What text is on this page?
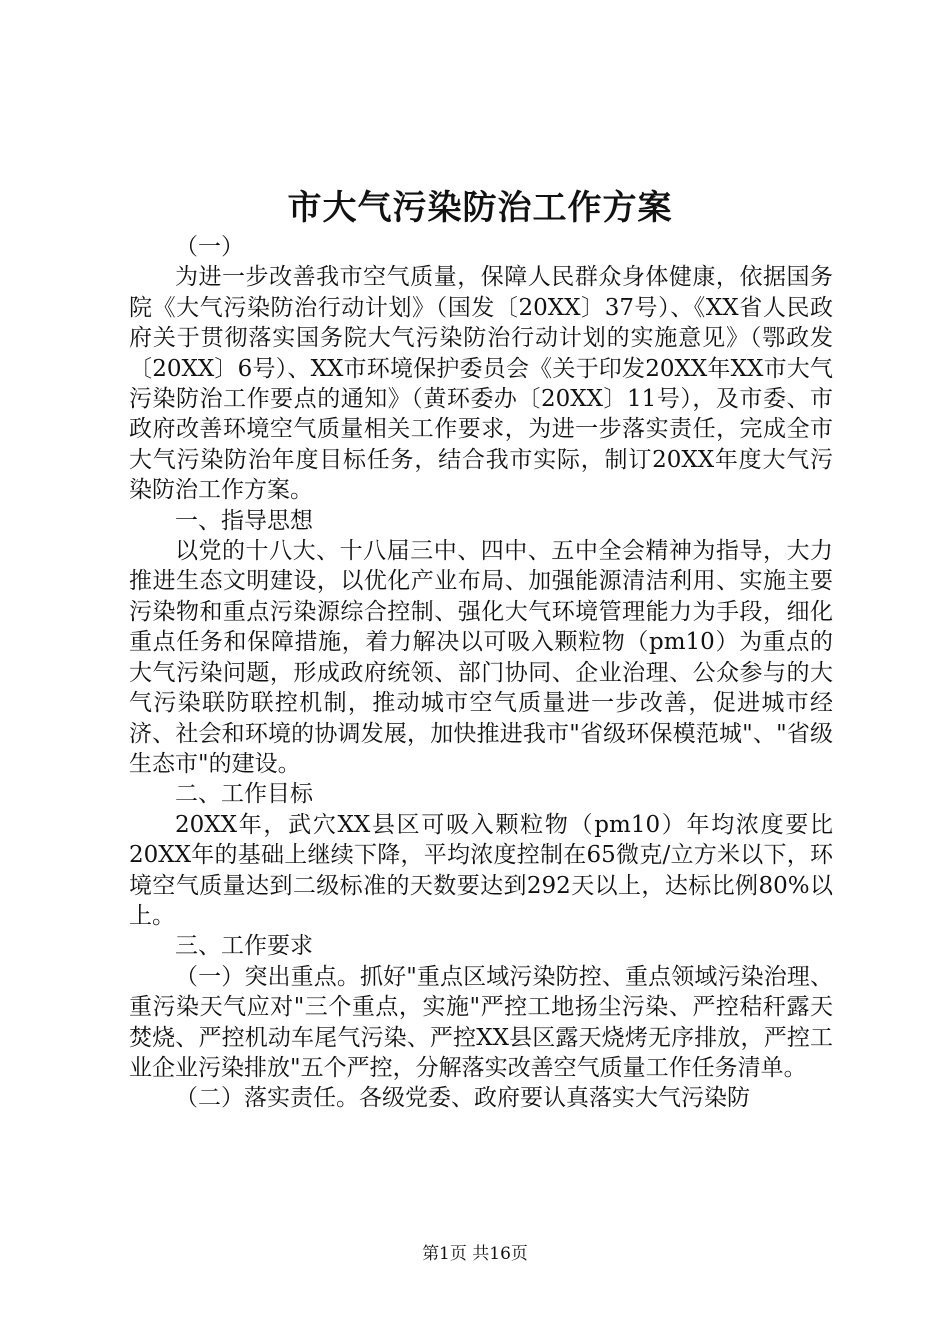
市大气污染防治工作方案

（一）

为进一步改善我市空气质量，保障人民群众身体健康，依据国务院《大气污染防治行动计划》（国发〔20XX〕37号）、《XX省人民政府关于贯彻落实国务院大气污染防治行动计划的实施意见》（鄂政发〔20XX〕6号）、XX市环境保护委员会《关于印发20XX年XX市大气污染防治工作要点的通知》（黄环委办〔20XX〕11号），及市委、市政府改善环境空气质量相关工作要求，为进一步落实责任，完成全市大气污染防治年度目标任务，结合我市实际，制订20XX年度大气污染防治工作方案。

一、指导思想

以党的十八大、十八届三中、四中、五中全会精神为指导，大力推进生态文明建设，以优化产业布局、加强能源清洁利用、实施主要污染物和重点污染源综合控制、强化大气环境管理能力为手段，细化重点任务和保障措施，着力解决以可吸入颗粒物（pm10）为重点的大气污染问题，形成政府统领、部门协同、企业治理、公众参与的大气污染联防联控机制，推动城市空气质量进一步改善，促进城市经济、社会和环境的协调发展，加快推进我市"省级环保模范城"、"省级生态市"的建设。

二、工作目标

20XX年，武穴XX县区可吸入颗粒物（pm10）年均浓度要比20XX年的基础上继续下降，平均浓度控制在65微克/立方米以下，环境空气质量达到二级标准的天数要达到292天以上，达标比例80%以上。

三、工作要求

（一）突出重点。抓好"重点区域污染防控、重点领域污染治理、重污染天气应对"三个重点，实施"严控工地扬尘污染、严控秸秆露天焚烧、严控机动车尾气污染、严控XX县区露天烧烤无序排放，严控工业企业污染排放"五个严控，分解落实改善空气质量工作任务清单。

（二）落实责任。各级党委、政府要认真落实大气污染防

第1页 共16页
